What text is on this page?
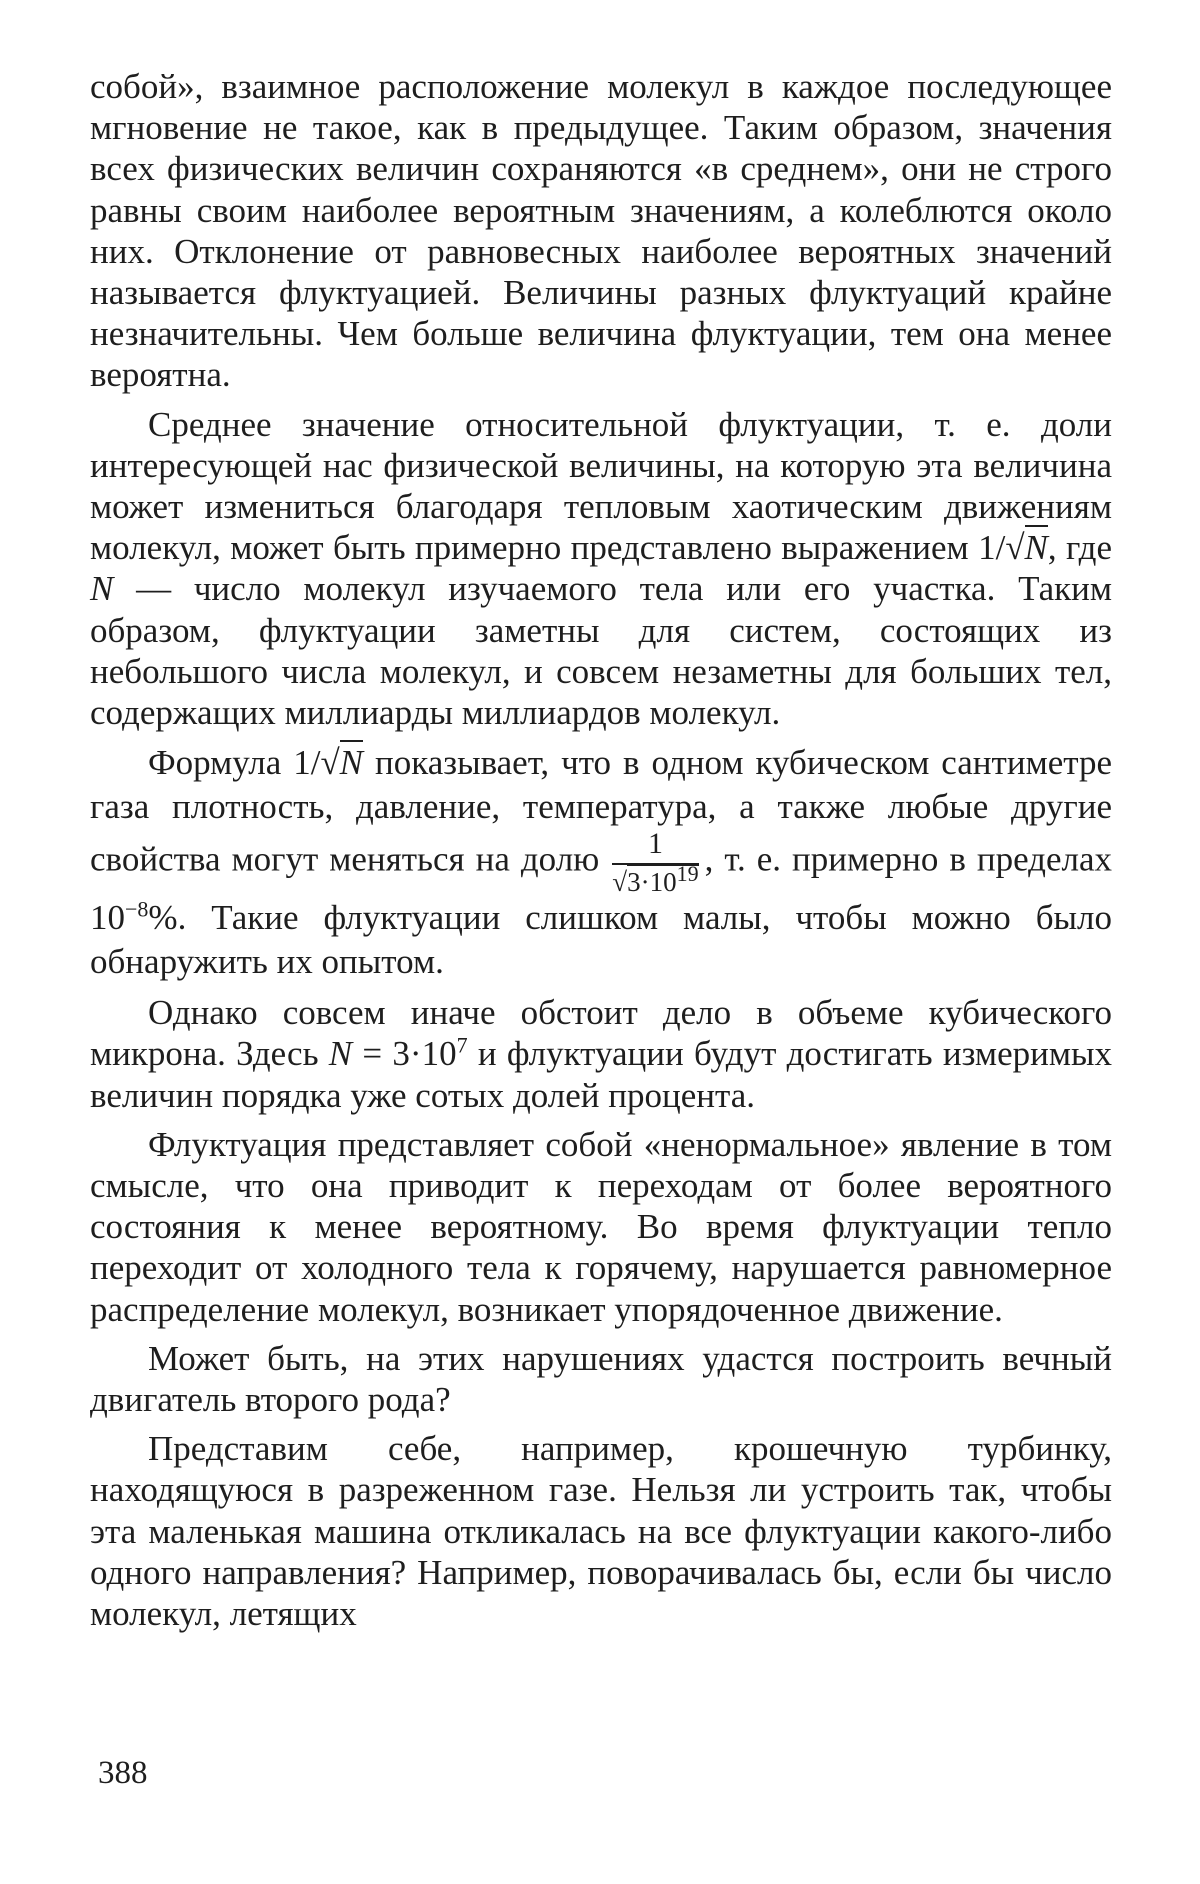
собой», взаимное расположение молекул в каждое последующее мгновение не такое, как в предыдущее. Таким образом, значения всех физических величин сохраняются «в среднем», они не строго равны своим наиболее вероятным значениям, а колеблются около них. Отклонение от равновесных наиболее вероятных значений называется флуктуацией. Величины разных флуктуаций крайне незначительны. Чем больше величина флуктуации, тем она менее вероятна.

Среднее значение относительной флуктуации, т. е. доли интересующей нас физической величины, на которую эта величина может измениться благодаря тепловым хаотическим движениям молекул, может быть примерно представлено выражением 1/√N, где N — число молекул изучаемого тела или его участка. Таким образом, флуктуации заметны для систем, состоящих из небольшого числа молекул, и совсем незаметны для больших тел, содержащих миллиарды миллиардов молекул.

Формула 1/√N показывает, что в одном кубическом сантиметре газа плотность, давление, температура, а также любые другие свойства могут меняться на долю $\frac{1}{√3\cdot 10^{19}}$ , т. е. примерно в пределах $10^{-8}\%$. Такие флуктуации слишком малы, чтобы можно было обнаружить их опытом.

Однако совсем иначе обстоит дело в объеме кубического микрона. Здесь $N = 3\cdot 10^7$ и флуктуации будут достигать измеримых величин порядка уже сотых долей процента.

Флуктуация представляет собой «ненормальное» явление в том смысле, что она приводит к переходам от более вероятного состояния к менее вероятному. Во время флуктуации тепло переходит от холодного тела к горячему, нарушается равномерное распределение молекул, возникает упорядоченное движение.

Может быть, на этих нарушениях удастся построить вечный двигатель второго рода?

Представим себе, например, крошечную турбинку, находящуюся в разреженном газе. Нельзя ли устроить так, чтобы эта маленькая машина откликалась на все флуктуации какого-либо одного направления? Например, поворачивалась бы, если бы число молекул, летящих

388
